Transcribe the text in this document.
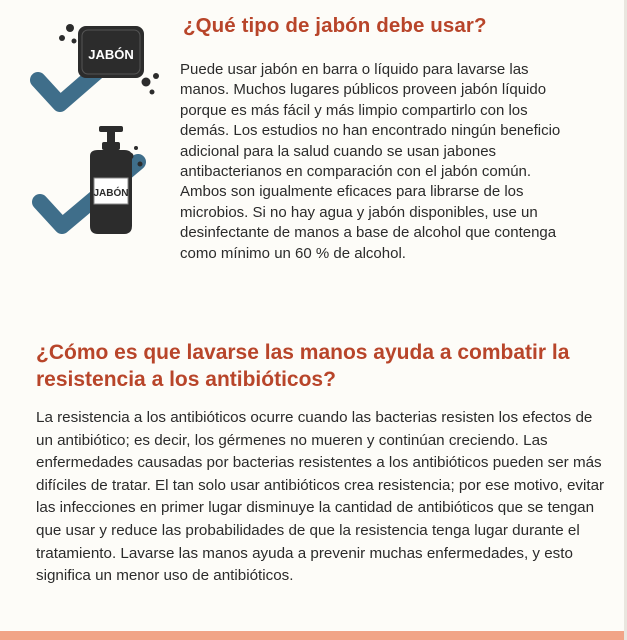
JABÓN
JABÓN
¿Qué tipo de jabón debe usar?
Puede usar jabón en barra o líquido para lavarse las manos. Muchos lugares públicos proveen jabón líquido porque es más fácil y más limpio compartirlo con los demás. Los estudios no han encontrado ningún beneficio adicional para la salud cuando se usan jabones antibacterianos en comparación con el jabón común. Ambos son igualmente eficaces para librarse de los microbios. Si no hay agua y jabón disponibles, use un desinfectante de manos a base de alcohol que contenga como mínimo un 60 % de alcohol.
¿Cómo es que lavarse las manos ayuda a combatir la resistencia a los antibióticos?
La resistencia a los antibióticos ocurre cuando las bacterias resisten los efectos de un antibiótico; es decir, los gérmenes no mueren y continúan creciendo. Las enfermedades causadas por bacterias resistentes a los antibióticos pueden ser más difíciles de tratar. El tan solo usar antibióticos crea resistencia; por ese motivo, evitar las infecciones en primer lugar disminuye la cantidad de antibióticos que se tengan que usar y reduce las probabilidades de que la resistencia tenga lugar durante el tratamiento. Lavarse las manos ayuda a prevenir muchas enfermedades, y esto significa un menor uso de antibióticos.
